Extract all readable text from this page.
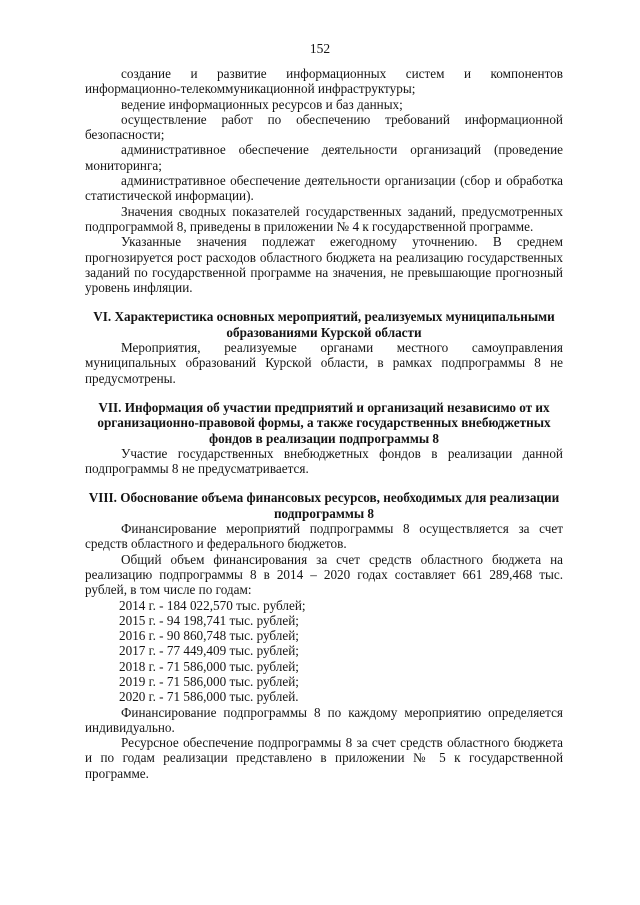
152

создание и развитие информационных систем и компонентов информационно-телекоммуникационной инфраструктуры;

ведение информационных ресурсов и баз данных;

осуществление работ по обеспечению требований информационной безопасности;

административное обеспечение деятельности организаций (проведение мониторинга;

административное обеспечение деятельности организации (сбор и обработка статистической информации).

Значения сводных показателей государственных заданий, предусмотренных подпрограммой 8, приведены в приложении № 4 к государственной программе.

Указанные значения подлежат ежегодному уточнению. В среднем прогнозируется рост расходов областного бюджета на реализацию государственных заданий по государственной программе на значения, не превышающие прогнозный уровень инфляции.

VI. Характеристика основных мероприятий, реализуемых муниципальными образованиями Курской области

Мероприятия, реализуемые органами местного самоуправления муниципальных образований Курской области, в рамках подпрограммы 8 не предусмотрены.

VII. Информация об участии предприятий и организаций независимо от их организационно-правовой формы, а также государственных внебюджетных фондов в реализации подпрограммы 8

Участие государственных внебюджетных фондов в реализации данной подпрограммы 8 не предусматривается.

VIII. Обоснование объема финансовых ресурсов, необходимых для реализации подпрограммы 8

Финансирование мероприятий подпрограммы 8 осуществляется за счет средств областного и федерального бюджетов.

Общий объем финансирования за счет средств областного бюджета на реализацию подпрограммы 8 в 2014 – 2020 годах составляет 661 289,468 тыс. рублей, в том числе по годам:

2014 г. - 184 022,570 тыс. рублей;
2015 г. - 94 198,741 тыс. рублей;
2016 г. - 90 860,748 тыс. рублей;
2017 г. - 77 449,409 тыс. рублей;
2018 г. - 71 586,000 тыс. рублей;
2019 г. - 71 586,000 тыс. рублей;
2020 г. - 71 586,000 тыс. рублей.

Финансирование подпрограммы 8 по каждому мероприятию определяется индивидуально.

Ресурсное обеспечение подпрограммы 8 за счет средств областного бюджета и по годам реализации представлено в приложении № 5 к государственной программе.
